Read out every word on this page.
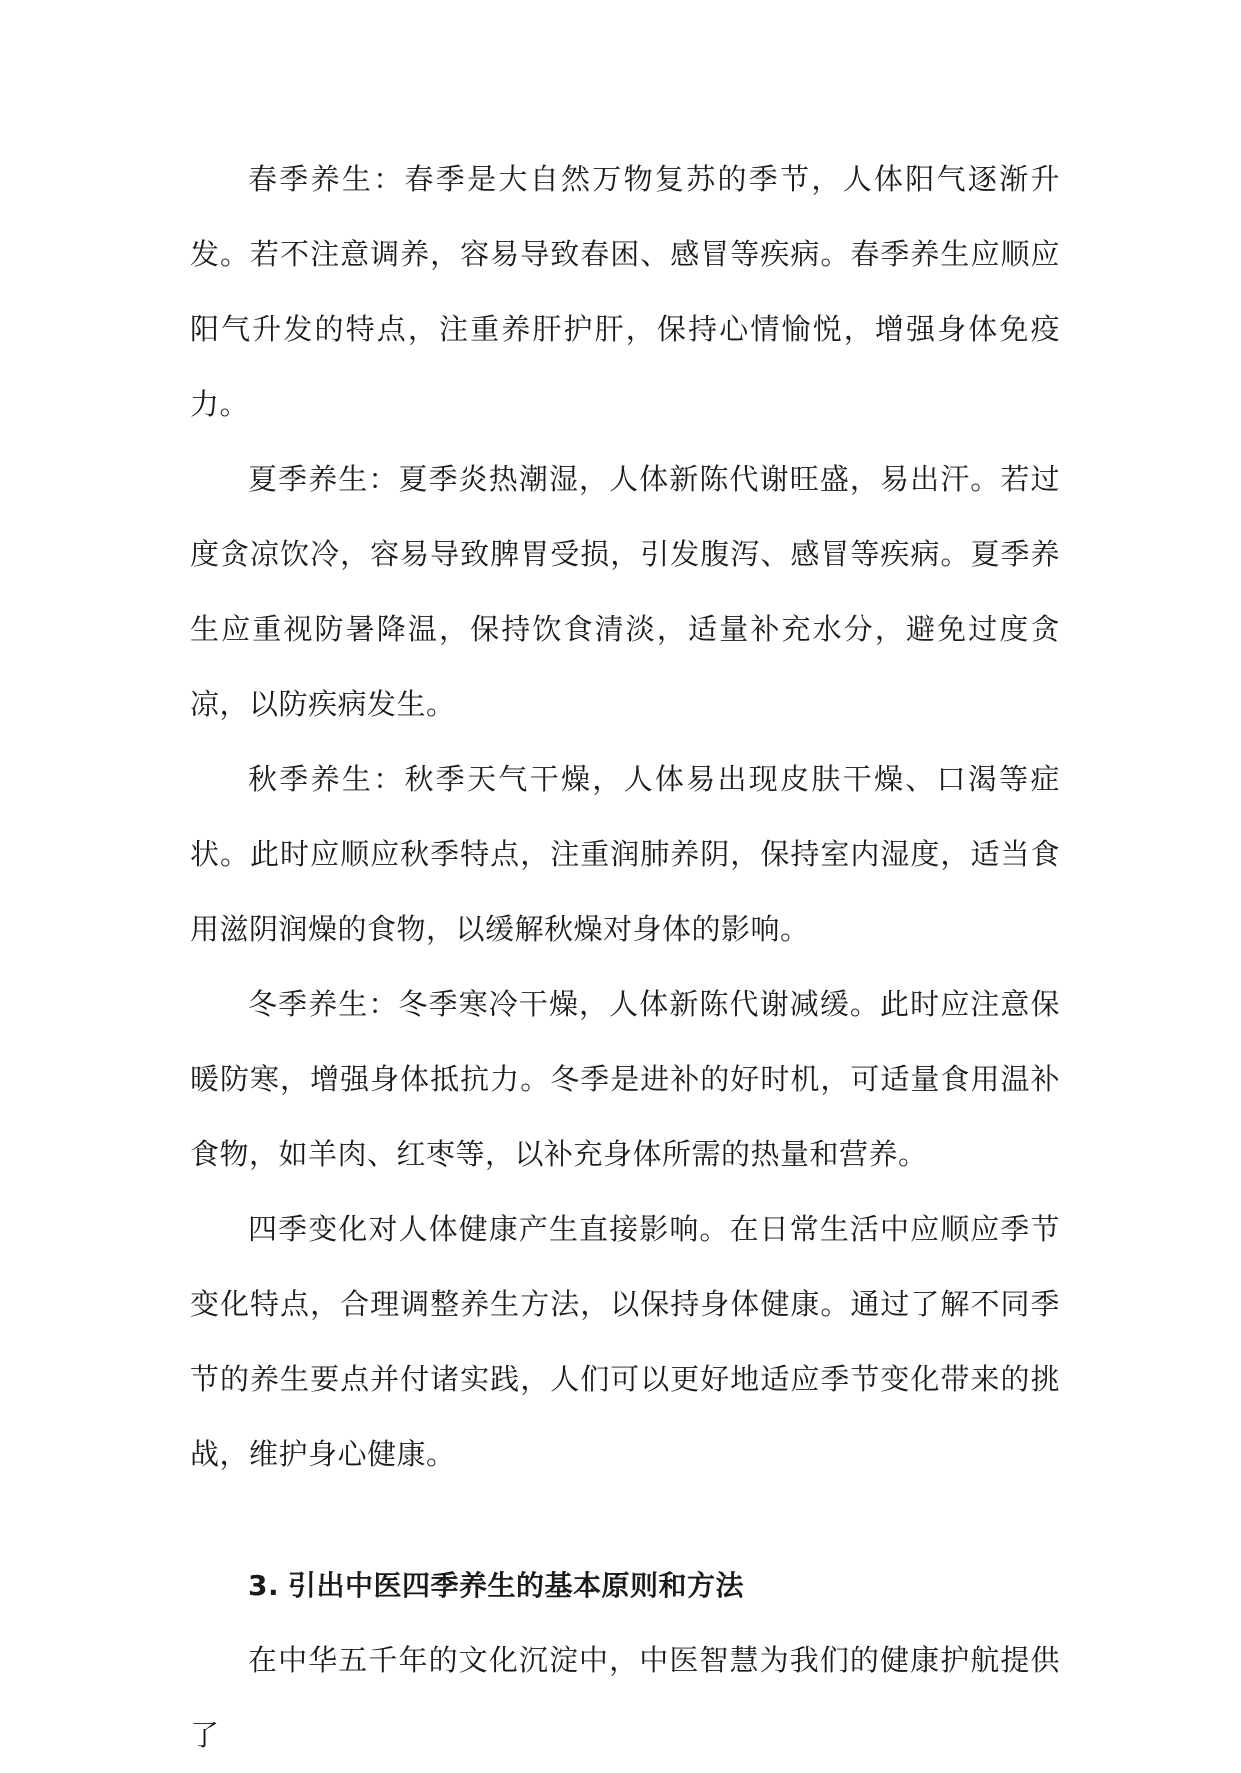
春季养生：春季是大自然万物复苏的季节，人体阳气逐渐升发。若不注意调养，容易导致春困、感冒等疾病。春季养生应顺应阳气升发的特点，注重养肝护肝，保持心情愉悦，增强身体免疫力。

夏季养生：夏季炎热潮湿，人体新陈代谢旺盛，易出汗。若过度贪凉饮冷，容易导致脾胃受损，引发腹泻、感冒等疾病。夏季养生应重视防暑降温，保持饮食清淡，适量补充水分，避免过度贪凉，以防疾病发生。

秋季养生：秋季天气干燥，人体易出现皮肤干燥、口渴等症状。此时应顺应秋季特点，注重润肺养阴，保持室内湿度，适当食用滋阴润燥的食物，以缓解秋燥对身体的影响。

冬季养生：冬季寒冷干燥，人体新陈代谢减缓。此时应注意保暖防寒，增强身体抵抗力。冬季是进补的好时机，可适量食用温补食物，如羊肉、红枣等，以补充身体所需的热量和营养。

四季变化对人体健康产生直接影响。在日常生活中应顺应季节变化特点，合理调整养生方法，以保持身体健康。通过了解不同季节的养生要点并付诸实践，人们可以更好地适应季节变化带来的挑战，维护身心健康。

3. 引出中医四季养生的基本原则和方法

在中华五千年的文化沉淀中，中医智慧为我们的健康护航提供了
